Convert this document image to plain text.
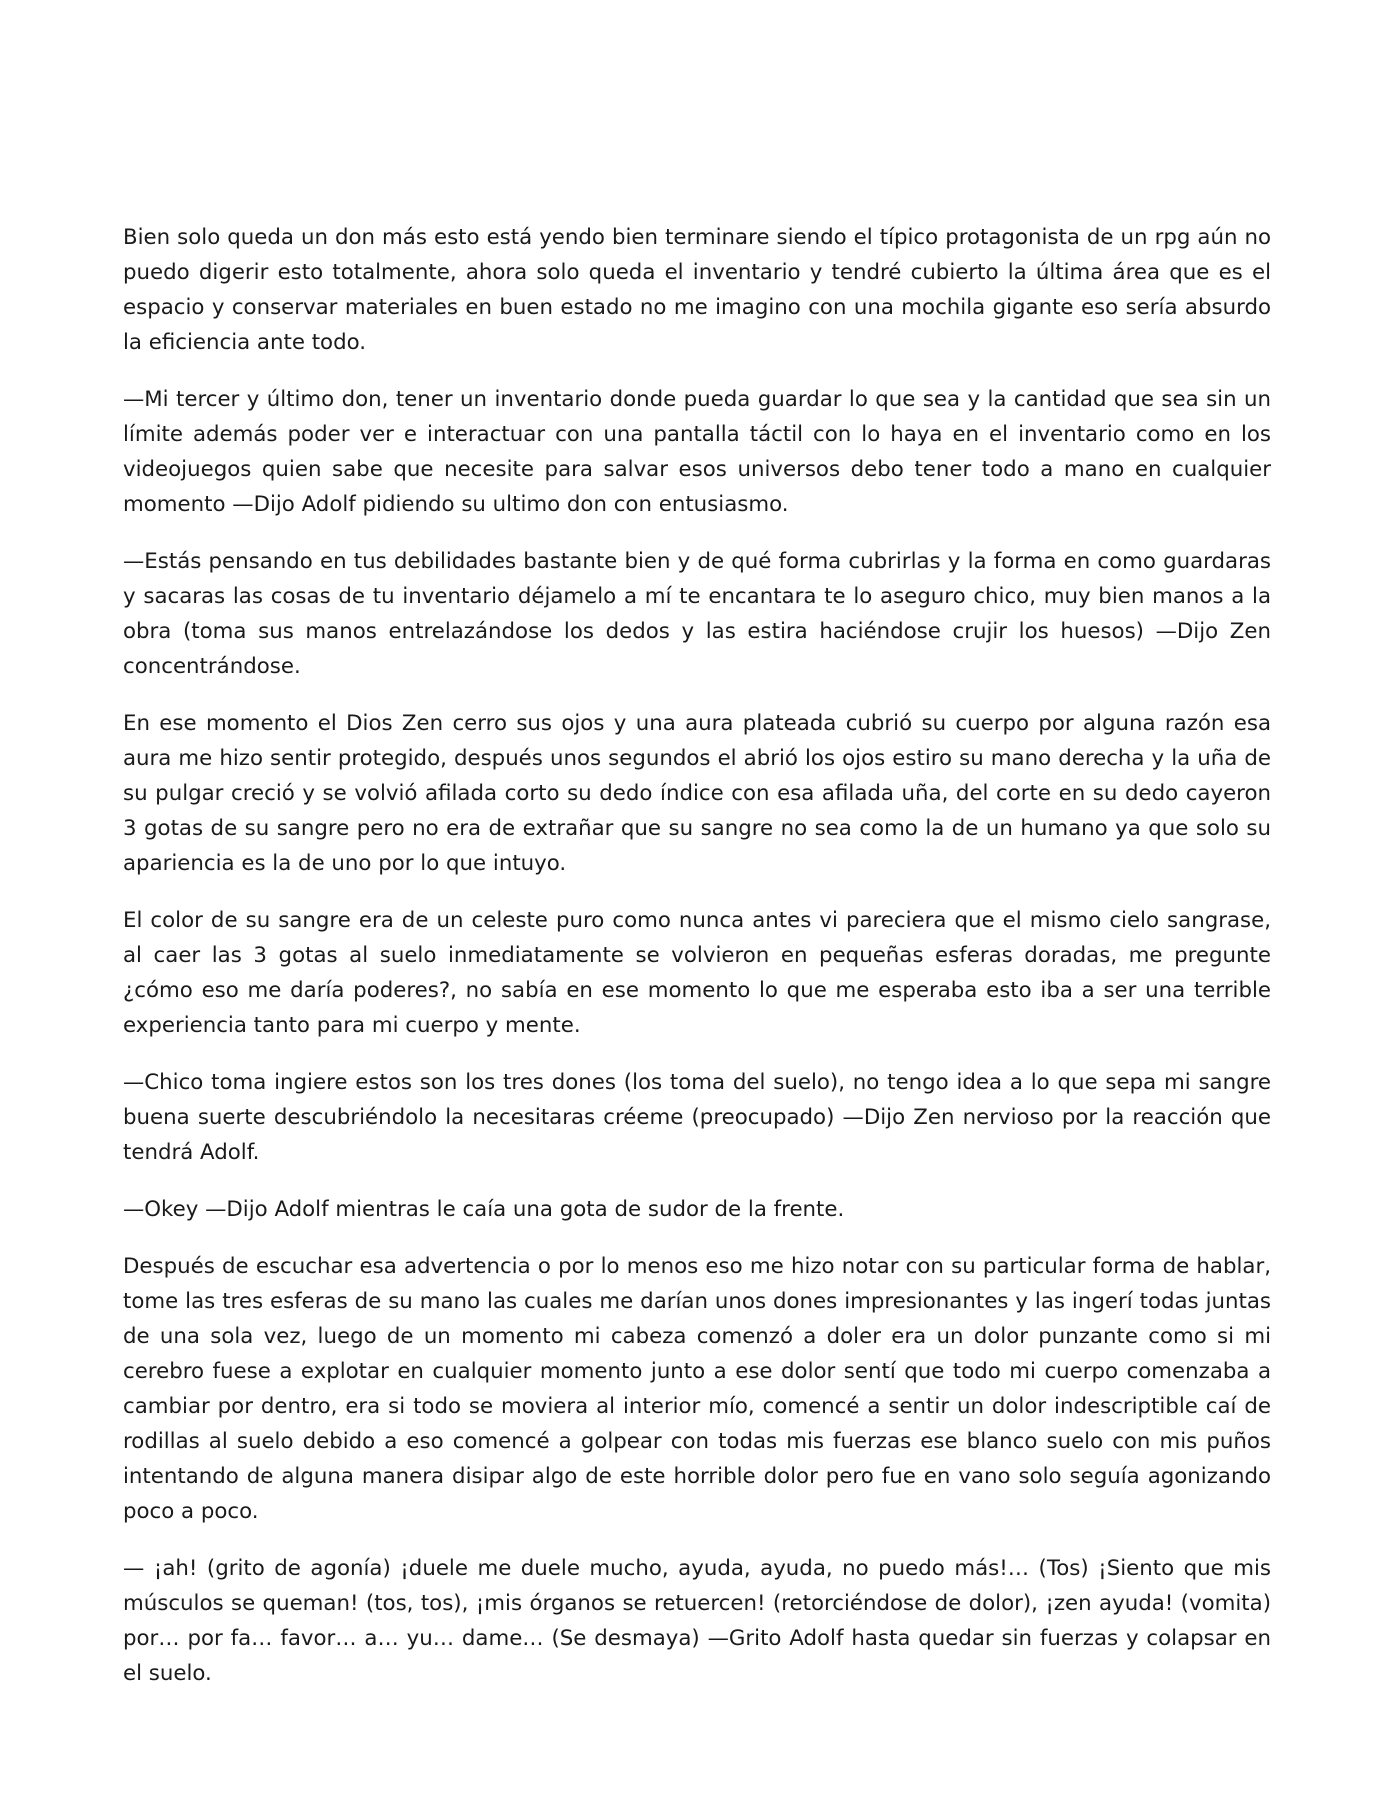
Bien solo queda un don más esto está yendo bien terminare siendo el típico protagonista de un rpg aún no puedo digerir esto totalmente, ahora solo queda el inventario y tendré cubierto la última área que es el espacio y conservar materiales en buen estado no me imagino con una mochila gigante eso sería absurdo la eficiencia ante todo.

—Mi tercer y último don, tener un inventario donde pueda guardar lo que sea y la cantidad que sea sin un límite además poder ver e interactuar con una pantalla táctil con lo haya en el inventario como en los videojuegos quien sabe que necesite para salvar esos universos debo tener todo a mano en cualquier momento —Dijo Adolf pidiendo su ultimo don con entusiasmo.

—Estás pensando en tus debilidades bastante bien y de qué forma cubrirlas y la forma en como guardaras y sacaras las cosas de tu inventario déjamelo a mí te encantara te lo aseguro chico, muy bien manos a la obra (toma sus manos entrelazándose los dedos y las estira haciéndose crujir los huesos) —Dijo Zen concentrándose.

En ese momento el Dios Zen cerro sus ojos y una aura plateada cubrió su cuerpo por alguna razón esa aura me hizo sentir protegido, después unos segundos el abrió los ojos estiro su mano derecha y la uña de su pulgar creció y se volvió afilada corto su dedo índice con esa afilada uña, del corte en su dedo cayeron 3 gotas de su sangre pero no era de extrañar que su sangre no sea como la de un humano ya que solo su apariencia es la de uno por lo que intuyo.

El color de su sangre era de un celeste puro como nunca antes vi pareciera que el mismo cielo sangrase, al caer las 3 gotas al suelo inmediatamente se volvieron en pequeñas esferas doradas, me pregunte ¿cómo eso me daría poderes?, no sabía en ese momento lo que me esperaba esto iba a ser una terrible experiencia tanto para mi cuerpo y mente.

—Chico toma ingiere estos son los tres dones (los toma del suelo), no tengo idea a lo que sepa mi sangre buena suerte descubriéndolo la necesitaras créeme (preocupado) —Dijo Zen nervioso por la reacción que tendrá Adolf.

—Okey —Dijo Adolf mientras le caía una gota de sudor de la frente.

Después de escuchar esa advertencia o por lo menos eso me hizo notar con su particular forma de hablar, tome las tres esferas de su mano las cuales me darían unos dones impresionantes y las ingerí todas juntas de una sola vez, luego de un momento mi cabeza comenzó a doler era un dolor punzante como si mi cerebro fuese a explotar en cualquier momento junto a ese dolor sentí que todo mi cuerpo comenzaba a cambiar por dentro, era si todo se moviera al interior mío, comencé a sentir un dolor indescriptible caí de rodillas al suelo debido a eso comencé a golpear con todas mis fuerzas ese blanco suelo con mis puños intentando de alguna manera disipar algo de este horrible dolor pero fue en vano solo seguía agonizando poco a poco.

— ¡ah! (grito de agonía) ¡duele me duele mucho, ayuda, ayuda, no puedo más!… (Tos) ¡Siento que mis músculos se queman! (tos, tos), ¡mis órganos se retuercen! (retorciéndose de dolor), ¡zen ayuda! (vomita) por… por fa… favor… a… yu… dame… (Se desmaya) —Grito Adolf hasta quedar sin fuerzas y colapsar en el suelo.
